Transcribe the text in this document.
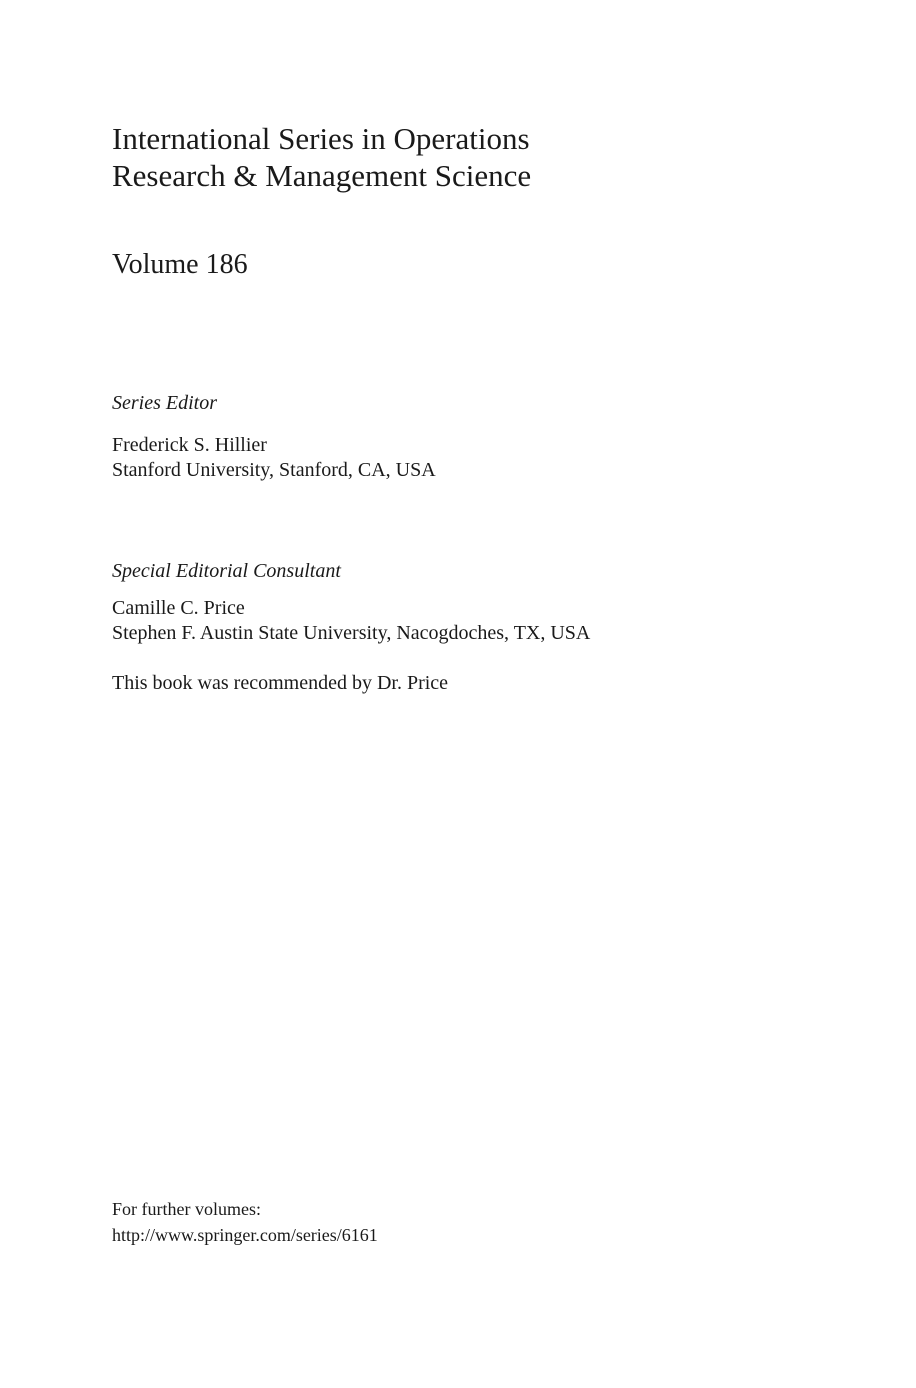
International Series in Operations
Research & Management Science

Volume 186

Series Editor

Frederick S. Hillier
Stanford University, Stanford, CA, USA

Special Editorial Consultant

Camille C. Price
Stephen F. Austin State University, Nacogdoches, TX, USA

This book was recommended by Dr. Price

For further volumes:
http://www.springer.com/series/6161
